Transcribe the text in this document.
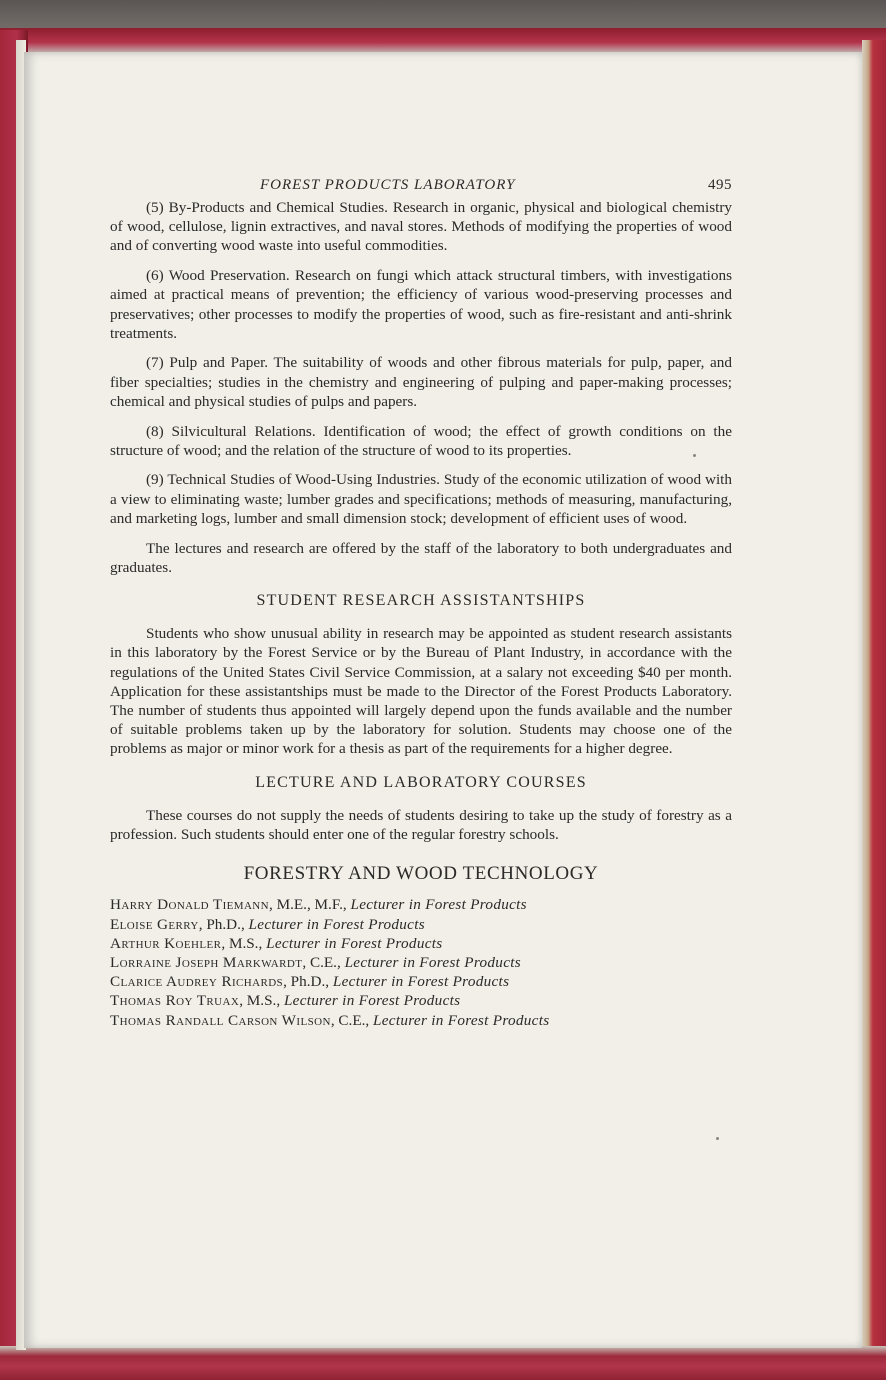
FOREST PRODUCTS LABORATORY	495

(5) By-Products and Chemical Studies. Research in organic, physical and biological chemistry of wood, cellulose, lignin extractives, and naval stores. Methods of modifying the properties of wood and of converting wood waste into useful commodities.

(6) Wood Preservation. Research on fungi which attack structural timbers, with investigations aimed at practical means of prevention; the efficiency of various wood-preserving processes and preservatives; other processes to modify the properties of wood, such as fire-resistant and anti-shrink treatments.

(7) Pulp and Paper. The suitability of woods and other fibrous materials for pulp, paper, and fiber specialties; studies in the chemistry and engineering of pulping and paper-making processes; chemical and physical studies of pulps and papers.

(8) Silvicultural Relations. Identification of wood; the effect of growth conditions on the structure of wood; and the relation of the structure of wood to its properties.

(9) Technical Studies of Wood-Using Industries. Study of the economic utilization of wood with a view to eliminating waste; lumber grades and specifications; methods of measuring, manufacturing, and marketing logs, lumber and small dimension stock; development of efficient uses of wood.

The lectures and research are offered by the staff of the laboratory to both undergraduates and graduates.

STUDENT RESEARCH ASSISTANTSHIPS

Students who show unusual ability in research may be appointed as student research assistants in this laboratory by the Forest Service or by the Bureau of Plant Industry, in accordance with the regulations of the United States Civil Service Commission, at a salary not exceeding $40 per month. Application for these assistantships must be made to the Director of the Forest Products Laboratory. The number of students thus appointed will largely depend upon the funds available and the number of suitable problems taken up by the laboratory for solution. Students may choose one of the problems as major or minor work for a thesis as part of the requirements for a higher degree.

LECTURE AND LABORATORY COURSES

These courses do not supply the needs of students desiring to take up the study of forestry as a profession. Such students should enter one of the regular forestry schools.

FORESTRY AND WOOD TECHNOLOGY
Harry Donald Tiemann, M.E., M.F., Lecturer in Forest Products
Eloise Gerry, Ph.D., Lecturer in Forest Products
Arthur Koehler, M.S., Lecturer in Forest Products
Lorraine Joseph Markwardt, C.E., Lecturer in Forest Products
Clarice Audrey Richards, Ph.D., Lecturer in Forest Products
Thomas Roy Truax, M.S., Lecturer in Forest Products
Thomas Randall Carson Wilson, C.E., Lecturer in Forest Products
